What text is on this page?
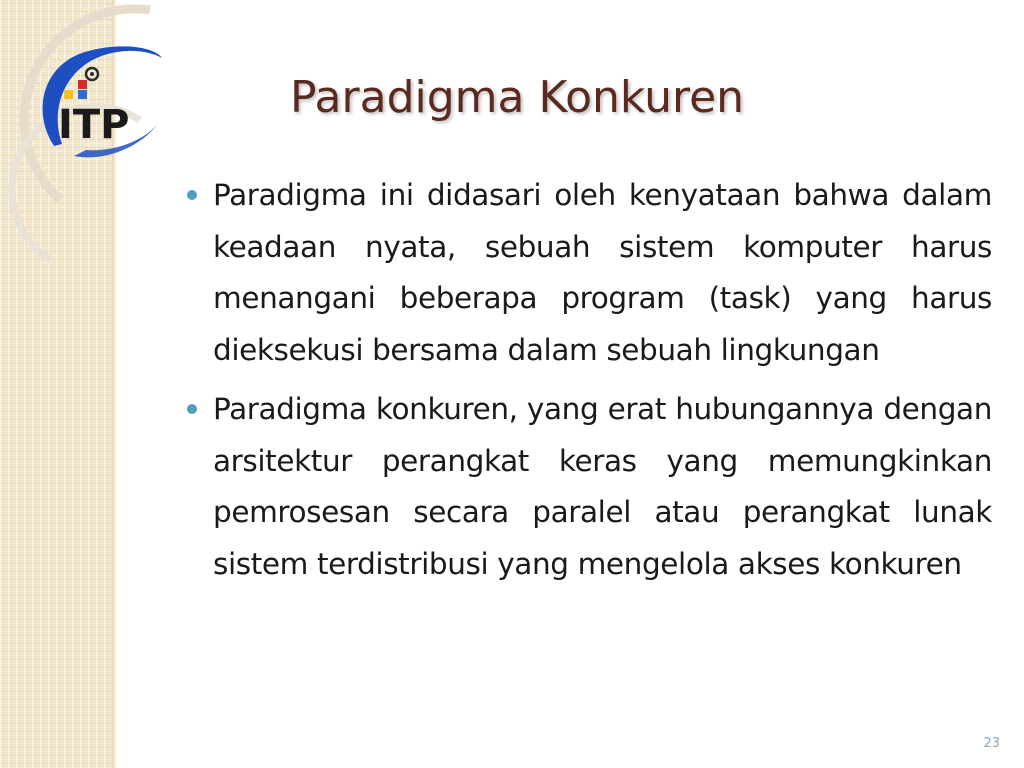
ITP
Paradigma Konkuren
Paradigma ini didasari oleh kenyataan bahwa dalam keadaan nyata, sebuah sistem komputer harus menangani beberapa program (task) yang harus dieksekusi bersama dalam sebuah lingkungan
Paradigma konkuren, yang erat hubungannya dengan arsitektur perangkat keras yang memungkinkan pemrosesan secara paralel atau perangkat lunak sistem terdistribusi yang mengelola akses konkuren
23
